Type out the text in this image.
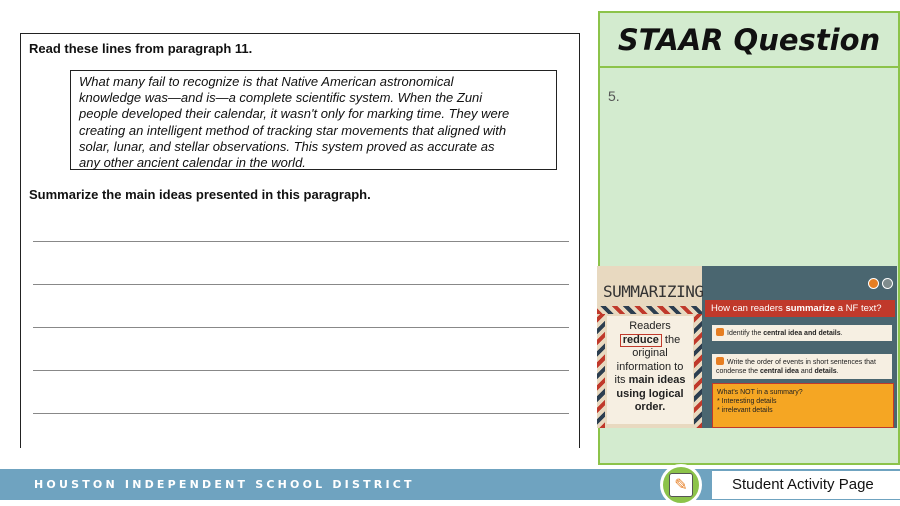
Read these lines from paragraph 11.
What many fail to recognize is that Native American astronomical
knowledge was—and is—a complete scientific system. When the Zuni
people developed their calendar, it wasn't only for marking time. They were
creating an intelligent method of tracking star movements that aligned with
solar, lunar, and stellar observations. This system proved as accurate as
any other ancient calendar in the world.
Summarize the main ideas presented in this paragraph.
STAAR Question
5.
SUMMARIZING
Readers
reduce the
original
information to
its main ideas
using logical
order.
How can readers summarize a NF text?
Identify the central idea and details.
Write the order of events in short sentences that condense the central idea and details.
What's NOT in a summary?
* Interesting details
* irrelevant details
HOUSTON INDEPENDENT SCHOOL DISTRICT	✎	Student Activity Page
